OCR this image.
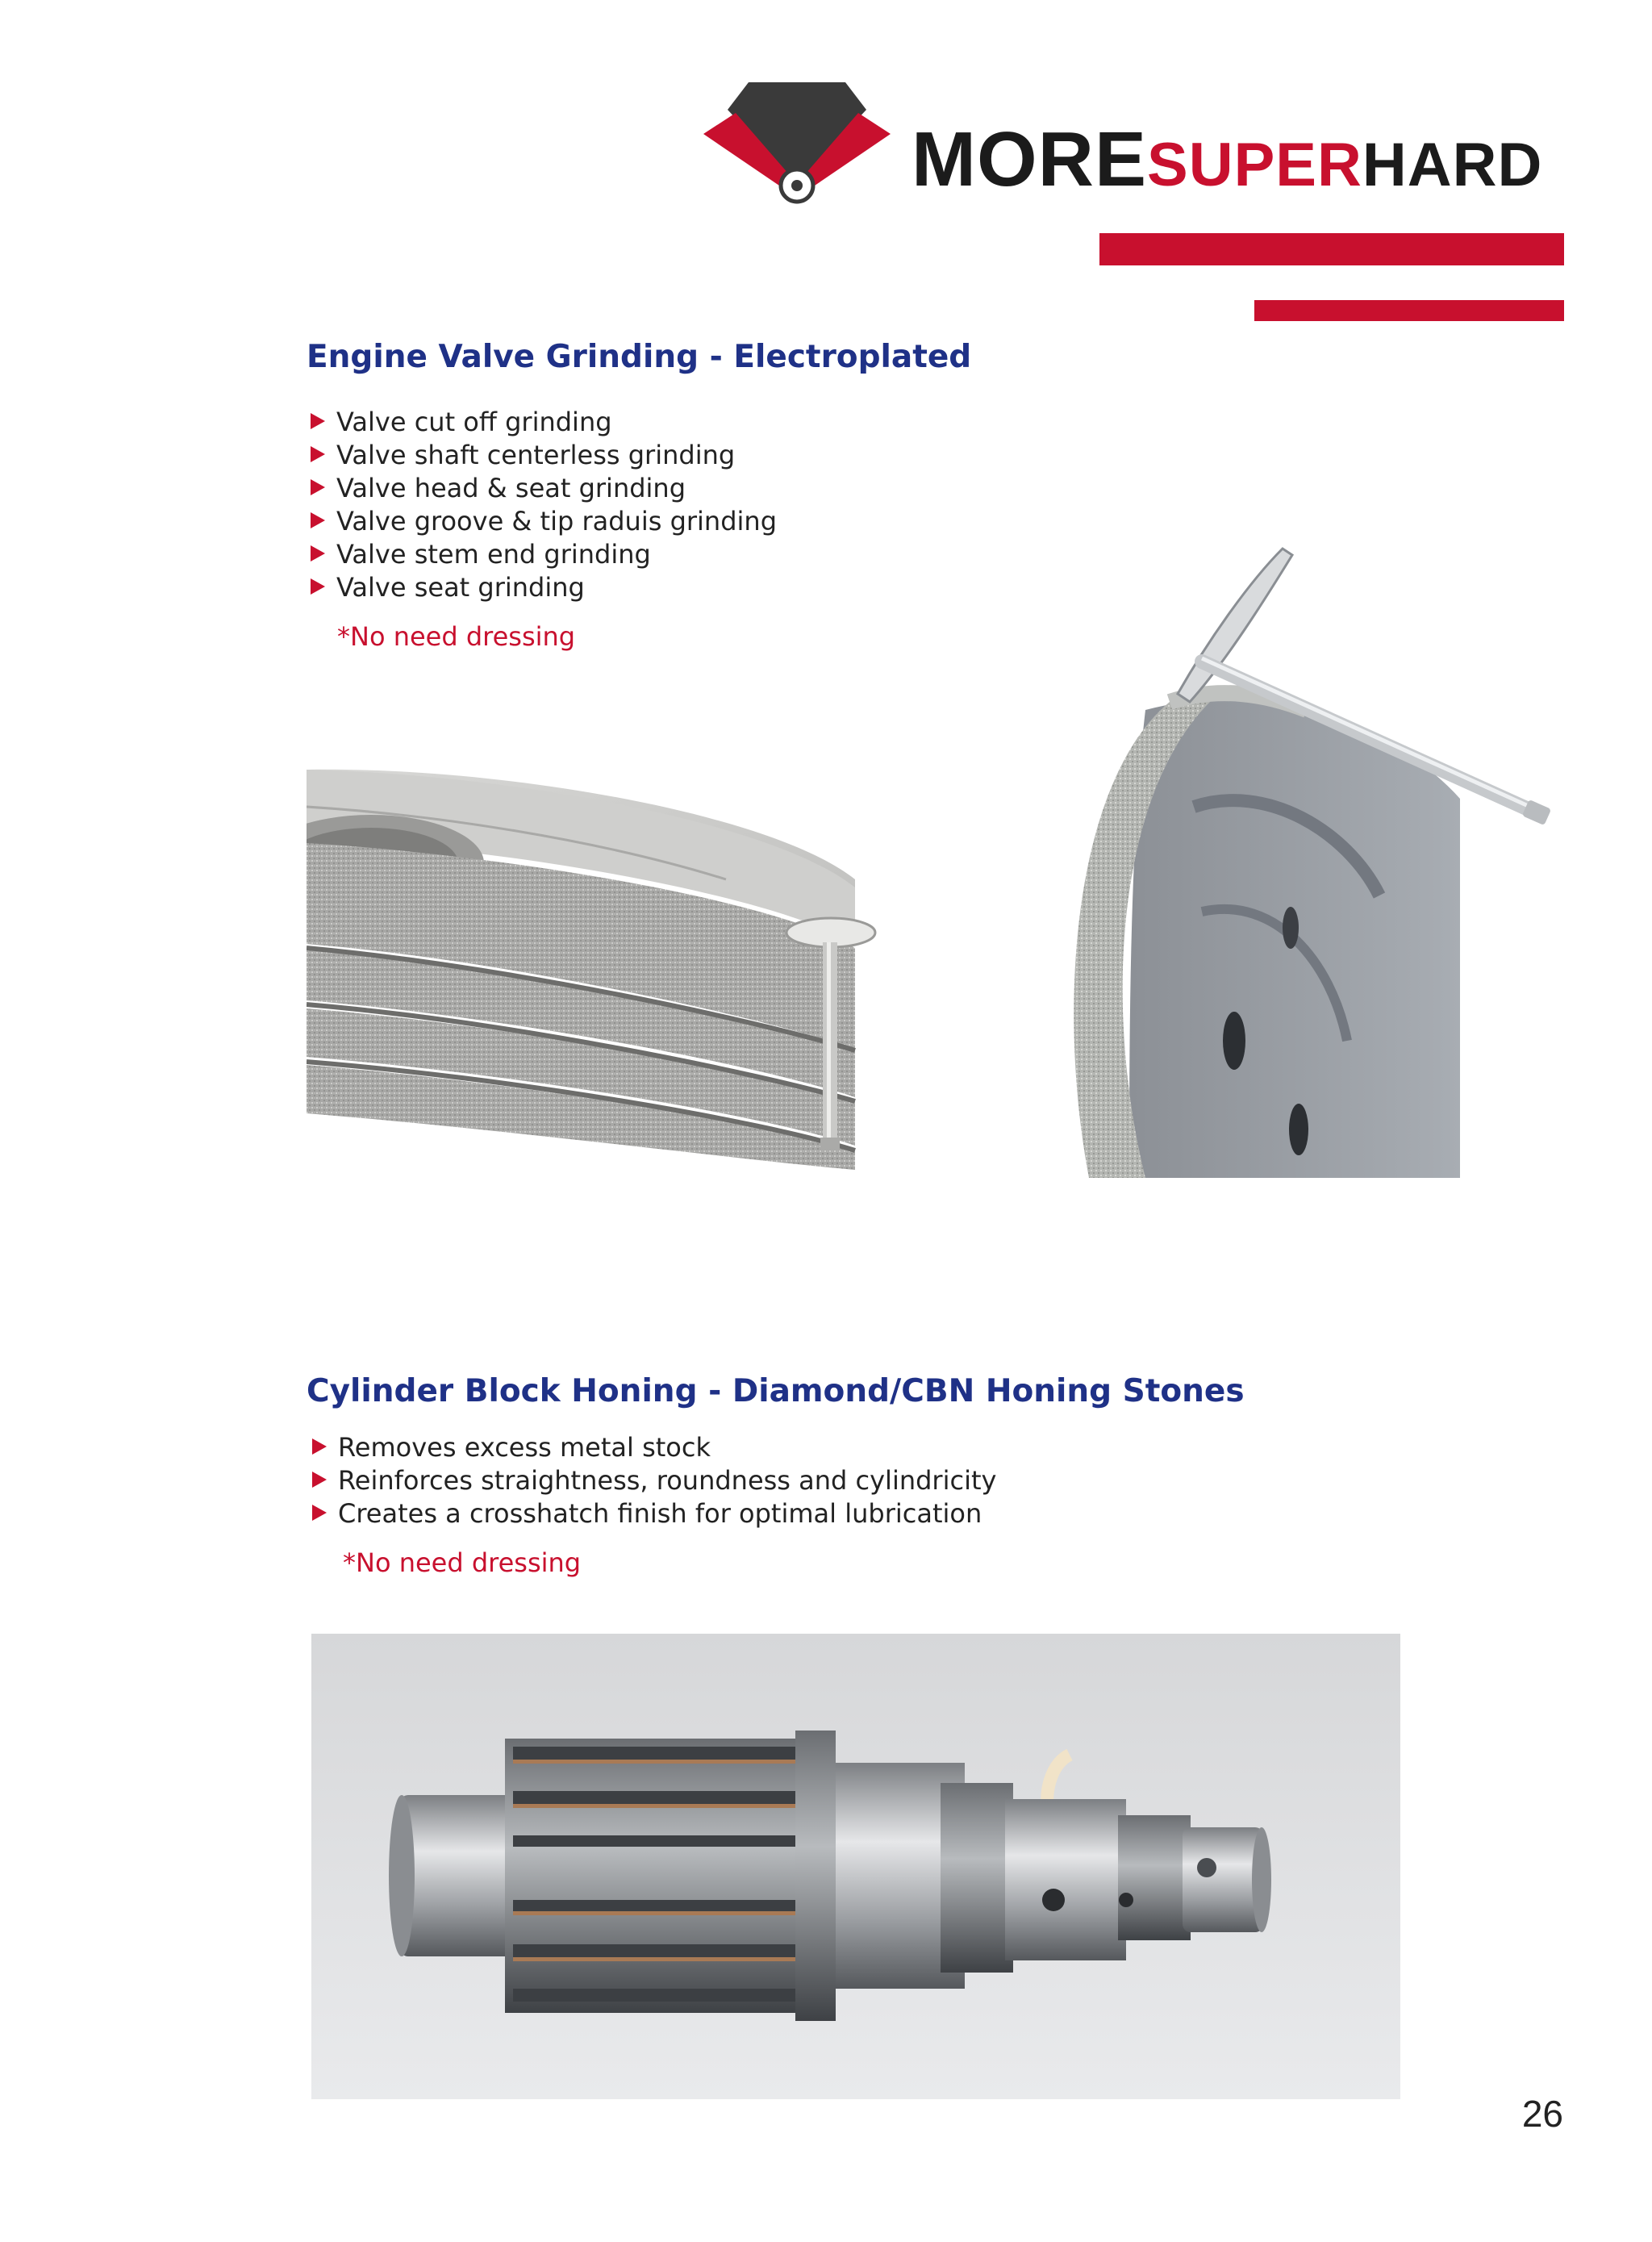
MORESUPERHARD
Engine Valve Grinding - Electroplated
Valve cut off grinding
Valve shaft centerless grinding
Valve head & seat grinding
Valve groove & tip raduis grinding
Valve stem end grinding
Valve seat grinding
*No need dressing
Cylinder Block Honing - Diamond/CBN Honing Stones
Removes excess metal stock
Reinforces straightness, roundness and cylindricity
Creates a crosshatch finish for optimal lubrication
*No need dressing
26
